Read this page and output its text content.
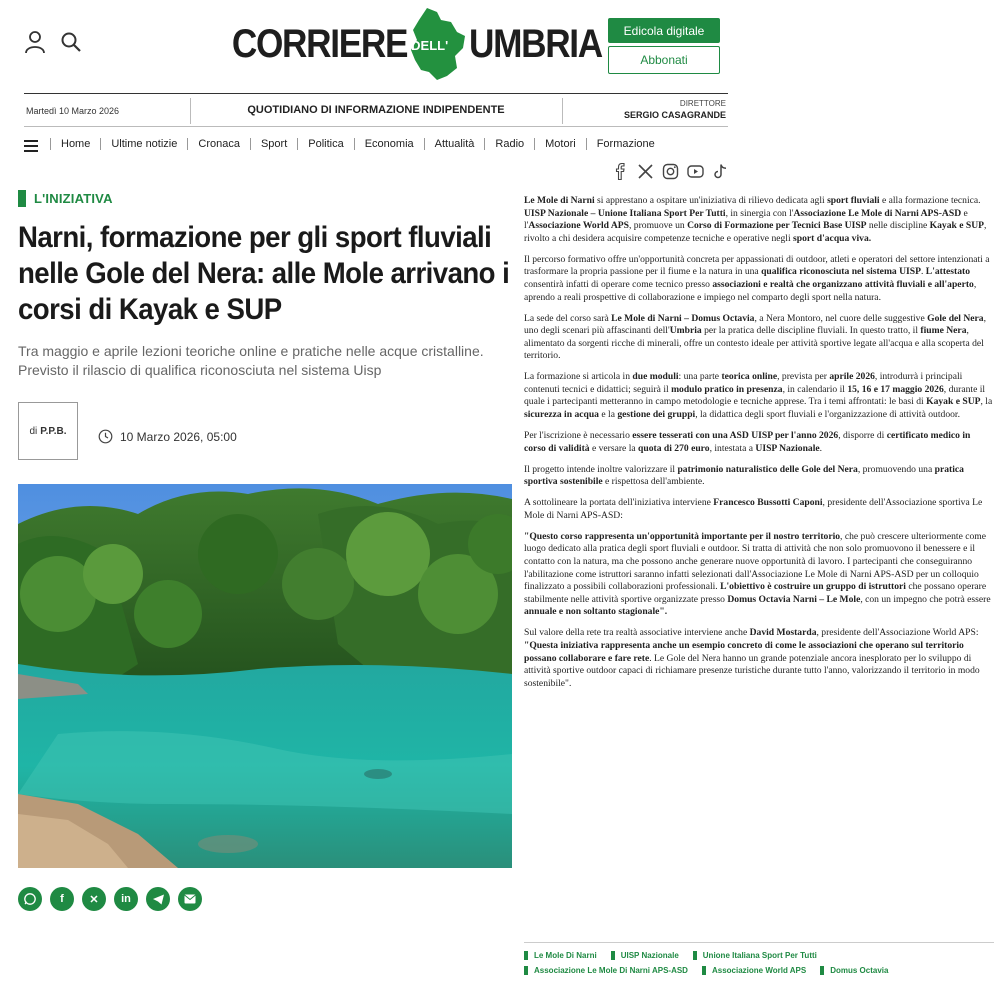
CORRIERE DELL' UMBRIA	Edicola digitale
Abbonati
Martedì 10 Marzo 2026	QUOTIDIANO DI INFORMAZIONE INDIPENDENTE
DIRETTORE
SERGIO CASAGRANDE
Home	Ultime notizie	Cronaca	Sport	Politica	Economia	Attualità	Radio	Motori	Formazione
L'INIZIATIVA
Narni, formazione per gli sport fluviali nelle Gole del Nera: alle Mole arrivano i corsi di Kayak e SUP

Tra maggio e aprile lezioni teoriche online e pratiche nelle acque cristalline. Previsto il rilascio di qualifica riconosciuta nel sistema Uisp

di P.P.B.	10 Marzo 2026, 05:00
f	✕	in

Le Mole di Narni si apprestano a ospitare un'iniziativa di rilievo dedicata agli sport fluviali e alla formazione tecnica. UISP Nazionale – Unione Italiana Sport Per Tutti, in sinergia con l'Associazione Le Mole di Narni APS-ASD e l'Associazione World APS, promuove un Corso di Formazione per Tecnici Base UISP nelle discipline Kayak e SUP, rivolto a chi desidera acquisire competenze tecniche e operative negli sport d'acqua viva.

Il percorso formativo offre un'opportunità concreta per appassionati di outdoor, atleti e operatori del settore intenzionati a trasformare la propria passione per il fiume e la natura in una qualifica riconosciuta nel sistema UISP. L'attestato consentirà infatti di operare come tecnico presso associazioni e realtà che organizzano attività fluviali e all'aperto, aprendo a reali prospettive di collaborazione e impiego nel comparto degli sport nella natura.

La sede del corso sarà Le Mole di Narni – Domus Octavia, a Nera Montoro, nel cuore delle suggestive Gole del Nera, uno degli scenari più affascinanti dell'Umbria per la pratica delle discipline fluviali. In questo tratto, il fiume Nera, alimentato da sorgenti ricche di minerali, offre un contesto ideale per attività sportive legate all'acqua e alla scoperta del territorio.

La formazione si articola in due moduli: una parte teorica online, prevista per aprile 2026, introdurrà i principali contenuti tecnici e didattici; seguirà il modulo pratico in presenza, in calendario il 15, 16 e 17 maggio 2026, durante il quale i partecipanti metteranno in campo metodologie e tecniche apprese. Tra i temi affrontati: le basi di Kayak e SUP, la sicurezza in acqua e la gestione dei gruppi, la didattica degli sport fluviali e l'organizzazione di attività outdoor.

Per l'iscrizione è necessario essere tesserati con una ASD UISP per l'anno 2026, disporre di certificato medico in corso di validità e versare la quota di 270 euro, intestata a UISP Nazionale.

Il progetto intende inoltre valorizzare il patrimonio naturalistico delle Gole del Nera, promuovendo una pratica sportiva sostenibile e rispettosa dell'ambiente.

A sottolineare la portata dell'iniziativa interviene Francesco Bussotti Caponi, presidente dell'Associazione sportiva Le Mole di Narni APS-ASD:

"Questo corso rappresenta un'opportunità importante per il nostro territorio, che può crescere ulteriormente come luogo dedicato alla pratica degli sport fluviali e outdoor. Si tratta di attività che non solo promuovono il benessere e il contatto con la natura, ma che possono anche generare nuove opportunità di lavoro. I partecipanti che conseguiranno l'abilitazione come istruttori saranno infatti selezionati dall'Associazione Le Mole di Narni APS-ASD per un colloquio finalizzato a possibili collaborazioni professionali. L'obiettivo è costruire un gruppo di istruttori che possano operare stabilmente nelle attività sportive organizzate presso Domus Octavia Narni – Le Mole, con un impegno che potrà essere annuale e non soltanto stagionale".

Sul valore della rete tra realtà associative interviene anche David Mostarda, presidente dell'Associazione World APS: "Questa iniziativa rappresenta anche un esempio concreto di come le associazioni che operano sul territorio possano collaborare e fare rete. Le Gole del Nera hanno un grande potenziale ancora inesplorato per lo sviluppo di attività sportive outdoor capaci di richiamare presenze turistiche durante tutto l'anno, valorizzando il territorio in modo sostenibile".

Le Mole Di Narni	UISP Nazionale	Unione Italiana Sport Per Tutti
Associazione Le Mole Di Narni APS-ASD	Associazione World APS	Domus Octavia
